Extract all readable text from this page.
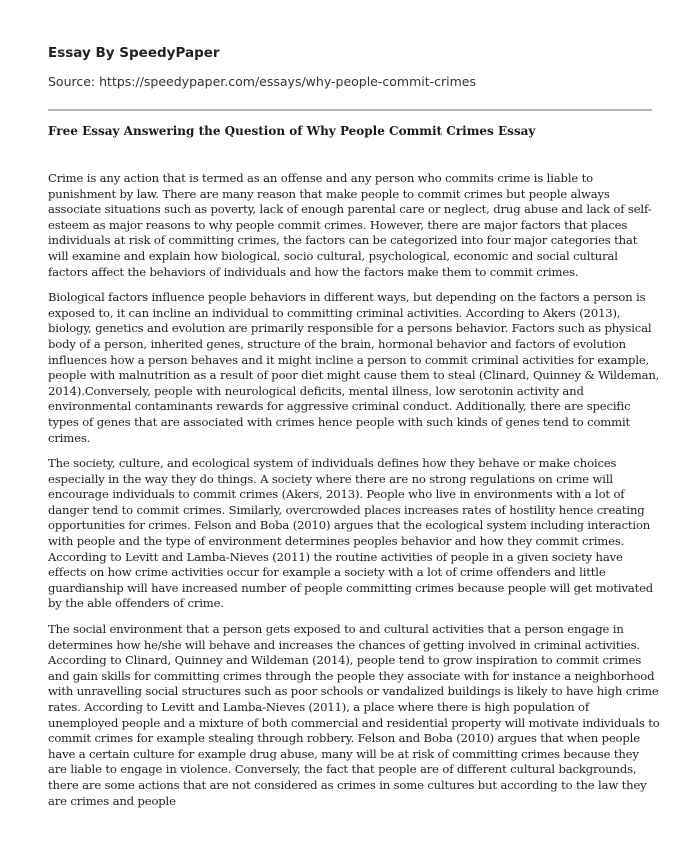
Essay By SpeedyPaper
Source: https://speedypaper.com/essays/why-people-commit-crimes
Free Essay Answering the Question of Why People Commit Crimes Essay

Crime is any action that is termed as an offense and any person who commits crime is liable to punishment by law. There are many reason that make people to commit crimes but people always associate situations such as poverty, lack of enough parental care or neglect, drug abuse and lack of self-esteem as major reasons to why people commit crimes. However, there are major factors that places individuals at risk of committing crimes, the factors can be categorized into four major categories that will examine and explain how biological, socio cultural, psychological, economic and social cultural factors affect the behaviors of individuals and how the factors make them to commit crimes.

Biological factors influence people behaviors in different ways, but depending on the factors a person is exposed to, it can incline an individual to committing criminal activities. According to Akers (2013), biology, genetics and evolution are primarily responsible for a persons behavior. Factors such as physical body of a person, inherited genes, structure of the brain, hormonal behavior and factors of evolution influences how a person behaves and it might incline a person to commit criminal activities for example, people with malnutrition as a result of poor diet might cause them to steal (Clinard, Quinney & Wildeman, 2014).Conversely, people with neurological deficits, mental illness, low serotonin activity and environmental contaminants rewards for aggressive criminal conduct. Additionally, there are specific types of genes that are associated with crimes hence people with such kinds of genes tend to commit crimes.

The society, culture, and ecological system of individuals defines how they behave or make choices especially in the way they do things. A society where there are no strong regulations on crime will encourage individuals to commit crimes (Akers, 2013). People who live in environments with a lot of danger tend to commit crimes. Similarly, overcrowded places increases rates of hostility hence creating opportunities for crimes. Felson and Boba (2010) argues that the ecological system including interaction with people and the type of environment determines peoples behavior and how they commit crimes. According to Levitt and Lamba-Nieves (2011) the routine activities of people in a given society have effects on how crime activities occur for example a society with a lot of crime offenders and little guardianship will have increased number of people committing crimes because people will get motivated by the able offenders of crime.

The social environment that a person gets exposed to and cultural activities that a person engage in determines how he/she will behave and increases the chances of getting involved in criminal activities. According to Clinard, Quinney and Wildeman (2014), people tend to grow inspiration to commit crimes and gain skills for committing crimes through the people they associate with for instance a neighborhood with unravelling social structures such as poor schools or vandalized buildings is likely to have high crime rates. According to Levitt and Lamba-Nieves (2011), a place where there is high population of unemployed people and a mixture of both commercial and residential property will motivate individuals to commit crimes for example stealing through robbery. Felson and Boba (2010) argues that when people have a certain culture for example drug abuse, many will be at risk of committing crimes because they are liable to engage in violence. Conversely, the fact that people are of different cultural backgrounds, there are some actions that are not considered as crimes in some cultures but according to the law they are crimes and people
